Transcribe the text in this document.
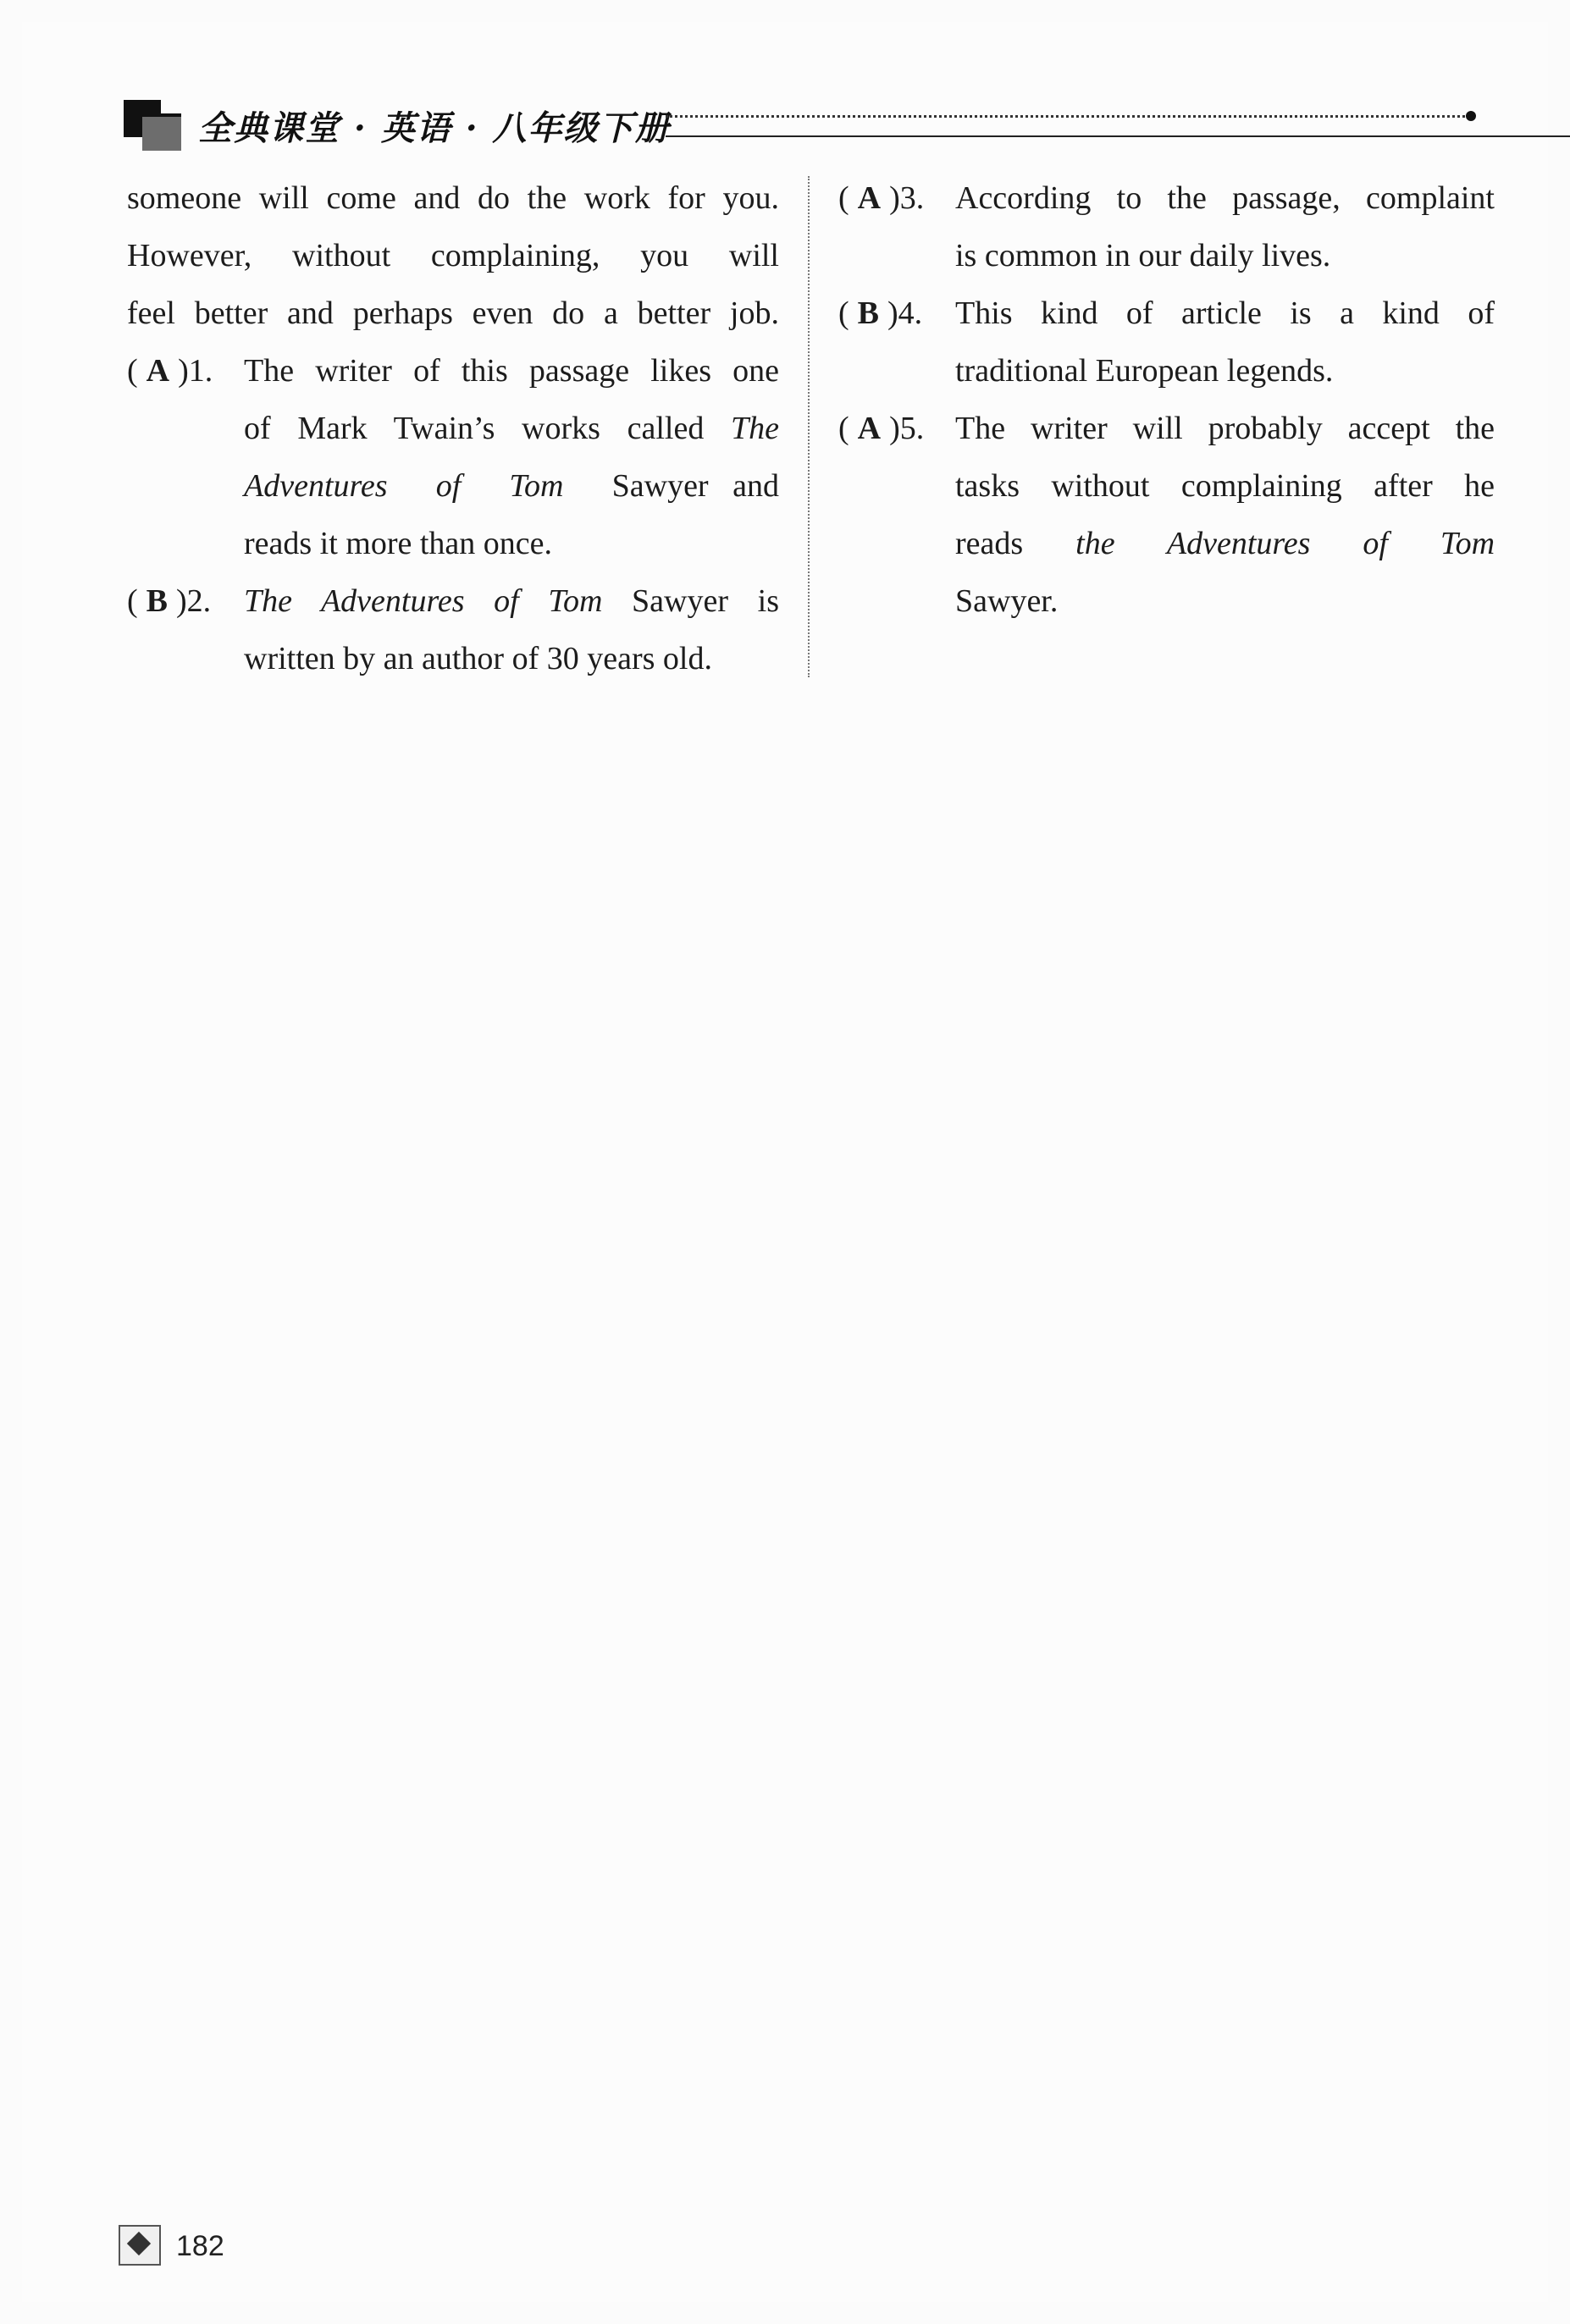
全典课堂 · 英语 · 八年级下册
someone will come and do the work for you.
However, without complaining, you will
feel better and perhaps even do a better job.
( A )1. The writer of this passage likes one
of Mark Twain’s works called The
Adventures of Tom Sawyer and
reads it more than once.
( B )2. The Adventures of Tom Sawyer is
written by an author of 30 years old.
( A )3. According to the passage, complaint
is common in our daily lives.
( B )4. This kind of article is a kind of
traditional European legends.
( A )5. The writer will probably accept the
tasks without complaining after he
reads the Adventures of Tom
Sawyer.
182
